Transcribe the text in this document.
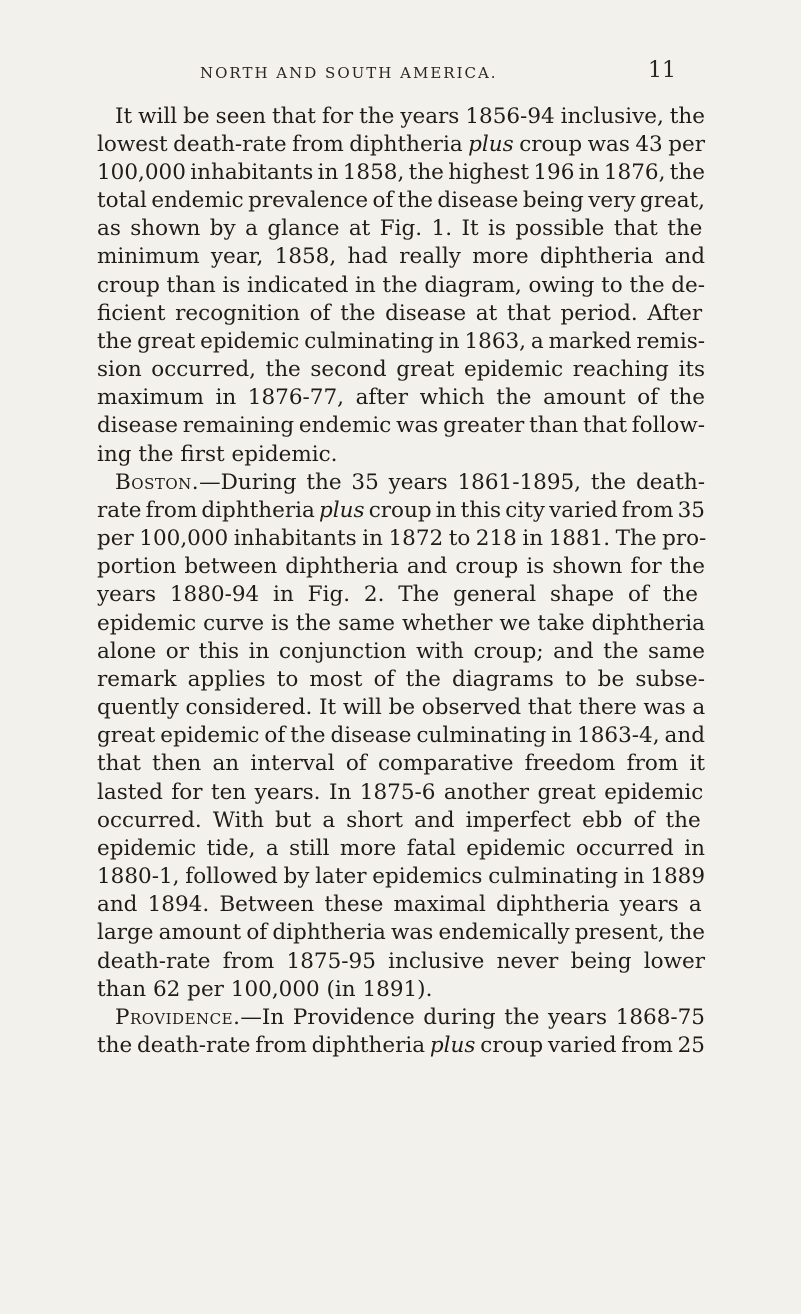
NORTH AND SOUTH AMERICA.	11
It will be seen that for the years 1856-94 inclusive, the
lowest death-rate from diphtheria plus croup was 43 per
100,000 inhabitants in 1858, the highest 196 in 1876, the
total endemic prevalence of the disease being very great,
as shown by a glance at Fig. 1. It is possible that the
minimum year, 1858, had really more diphtheria and
croup than is indicated in the diagram, owing to the de-
ficient recognition of the disease at that period. After
the great epidemic culminating in 1863, a marked remis-
sion occurred, the second great epidemic reaching its
maximum in 1876-77, after which the amount of the
disease remaining endemic was greater than that follow-
ing the first epidemic.
Boston.—During the 35 years 1861-1895, the death-
rate from diphtheria plus croup in this city varied from 35
per 100,000 inhabitants in 1872 to 218 in 1881. The pro-
portion between diphtheria and croup is shown for the
years 1880-94 in Fig. 2. The general shape of the
epidemic curve is the same whether we take diphtheria
alone or this in conjunction with croup; and the same
remark applies to most of the diagrams to be subse-
quently considered. It will be observed that there was a
great epidemic of the disease culminating in 1863-4, and
that then an interval of comparative freedom from it
lasted for ten years. In 1875-6 another great epidemic
occurred. With but a short and imperfect ebb of the
epidemic tide, a still more fatal epidemic occurred in
1880-1, followed by later epidemics culminating in 1889
and 1894. Between these maximal diphtheria years a
large amount of diphtheria was endemically present, the
death-rate from 1875-95 inclusive never being lower
than 62 per 100,000 (in 1891).
Providence.—In Providence during the years 1868-75
the death-rate from diphtheria plus croup varied from 25
